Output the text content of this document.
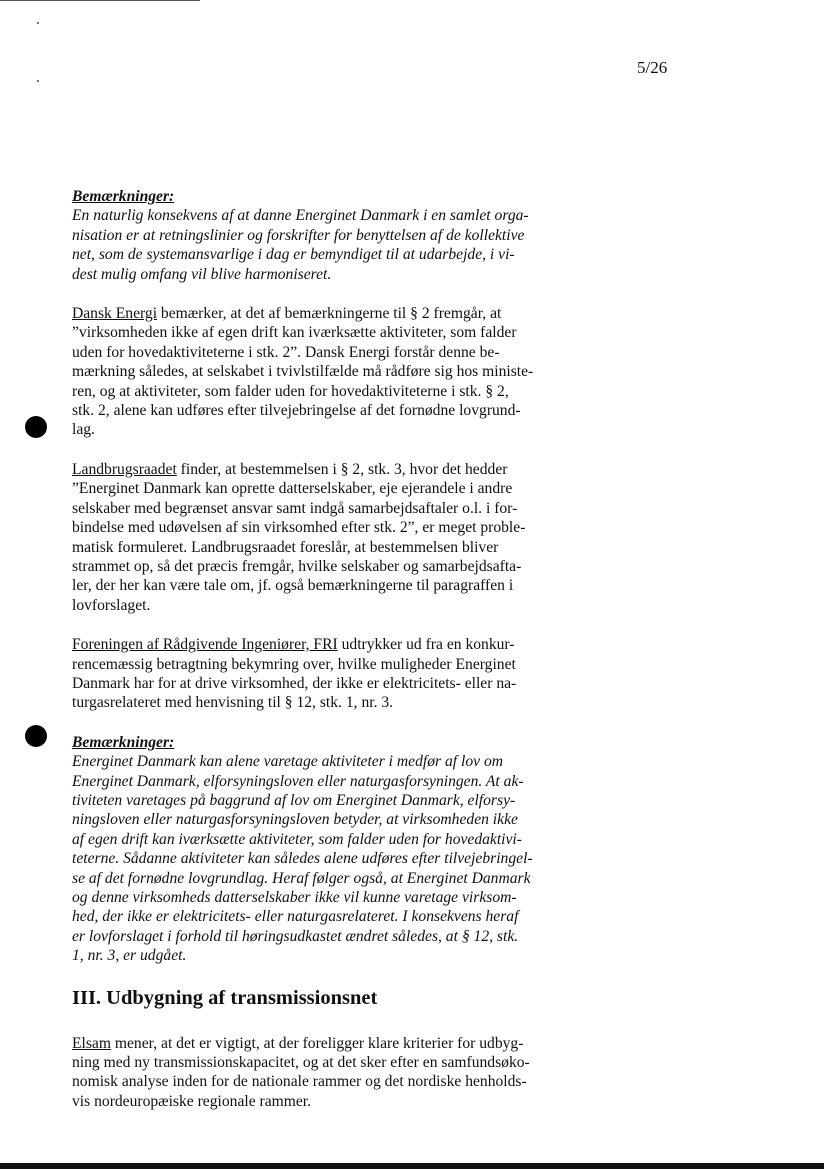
5/26
Bemærkninger:
En naturlig konsekvens af at danne Energinet Danmark i en samlet orga-
nisation er at retningslinier og forskrifter for benyttelsen af de kollektive
net, som de systemansvarlige i dag er bemyndiget til at udarbejde, i vi-
dest mulig omfang vil blive harmoniseret.
Dansk Energi bemærker, at det af bemærkningerne til § 2 fremgår, at
”virksomheden ikke af egen drift kan iværksætte aktiviteter, som falder
uden for hovedaktiviteterne i stk. 2”. Dansk Energi forstår denne be-
mærkning således, at selskabet i tvivlstilfælde må rådføre sig hos ministe-
ren, og at aktiviteter, som falder uden for hovedaktiviteterne i stk. § 2,
stk. 2, alene kan udføres efter tilvejebringelse af det fornødne lovgrund-
lag.
Landbrugsraadet finder, at bestemmelsen i § 2, stk. 3, hvor det hedder
”Energinet Danmark kan oprette datterselskaber, eje ejerandele i andre
selskaber med begrænset ansvar samt indgå samarbejdsaftaler o.l. i for-
bindelse med udøvelsen af sin virksomhed efter stk. 2”, er meget proble-
matisk formuleret. Landbrugsraadet foreslår, at bestemmelsen bliver
strammet op, så det præcis fremgår, hvilke selskaber og samarbejdsafta-
ler, der her kan være tale om, jf. også bemærkningerne til paragraffen i
lovforslaget.
Foreningen af Rådgivende Ingeniører, FRI udtrykker ud fra en konkur-
rencemæssig betragtning bekymring over, hvilke muligheder Energinet
Danmark har for at drive virksomhed, der ikke er elektricitets- eller na-
turgasrelateret med henvisning til § 12, stk. 1, nr. 3.
Bemærkninger:
Energinet Danmark kan alene varetage aktiviteter i medfør af lov om
Energinet Danmark, elforsyningsloven eller naturgasforsyningen. At ak-
tiviteten varetages på baggrund af lov om Energinet Danmark, elforsy-
ningsloven eller naturgasforsyningsloven betyder, at virksomheden ikke
af egen drift kan iværksætte aktiviteter, som falder uden for hovedaktivi-
teterne. Sådanne aktiviteter kan således alene udføres efter tilvejebringel-
se af det fornødne lovgrundlag. Heraf følger også, at Energinet Danmark
og denne virksomheds datterselskaber ikke vil kunne varetage virksom-
hed, der ikke er elektricitets- eller naturgasrelateret. I konsekvens heraf
er lovforslaget i forhold til høringsudkastet ændret således, at § 12, stk.
1, nr. 3, er udgået.
III. Udbygning af transmissionsnet
Elsam mener, at det er vigtigt, at der foreligger klare kriterier for udbyg-
ning med ny transmissionskapacitet, og at det sker efter en samfundsøko-
nomisk analyse inden for de nationale rammer og det nordiske henholds-
vis nordeuropæiske regionale rammer.
